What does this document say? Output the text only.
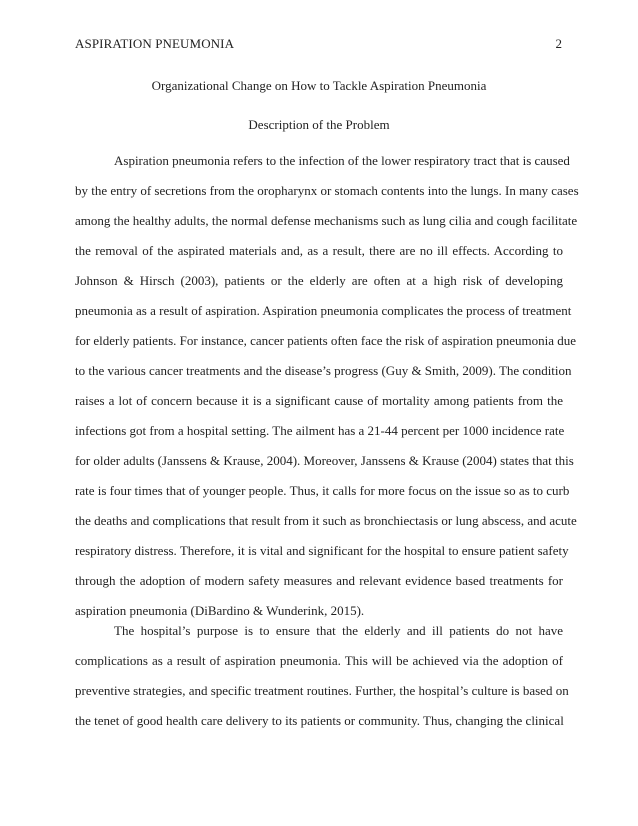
ASPIRATION PNEUMONIA	2
Organizational Change on How to Tackle Aspiration Pneumonia
Description of the Problem
Aspiration pneumonia refers to the infection of the lower respiratory tract that is caused
by the entry of secretions from the oropharynx or stomach contents into the lungs. In many cases
among the healthy adults, the normal defense mechanisms such as lung cilia and cough facilitate
the removal of the aspirated materials and, as a result, there are no ill effects. According to
Johnson & Hirsch (2003), patients or the elderly are often at a high risk of developing
pneumonia as a result of aspiration. Aspiration pneumonia complicates the process of treatment
for elderly patients. For instance, cancer patients often face the risk of aspiration pneumonia due
to the various cancer treatments and the disease’s progress (Guy & Smith, 2009). The condition
raises a lot of concern because it is a significant cause of mortality among patients from the
infections got from a hospital setting. The ailment has a 21-44 percent per 1000 incidence rate
for older adults (Janssens & Krause, 2004). Moreover, Janssens & Krause (2004) states that this
rate is four times that of younger people. Thus, it calls for more focus on the issue so as to curb
the deaths and complications that result from it such as bronchiectasis or lung abscess, and acute
respiratory distress. Therefore, it is vital and significant for the hospital to ensure patient safety
through the adoption of modern safety measures and relevant evidence based treatments for
aspiration pneumonia (DiBardino & Wunderink, 2015).
The hospital’s purpose is to ensure that the elderly and ill patients do not have
complications as a result of aspiration pneumonia. This will be achieved via the adoption of
preventive strategies, and specific treatment routines. Further, the hospital’s culture is based on
the tenet of good health care delivery to its patients or community. Thus, changing the clinical
